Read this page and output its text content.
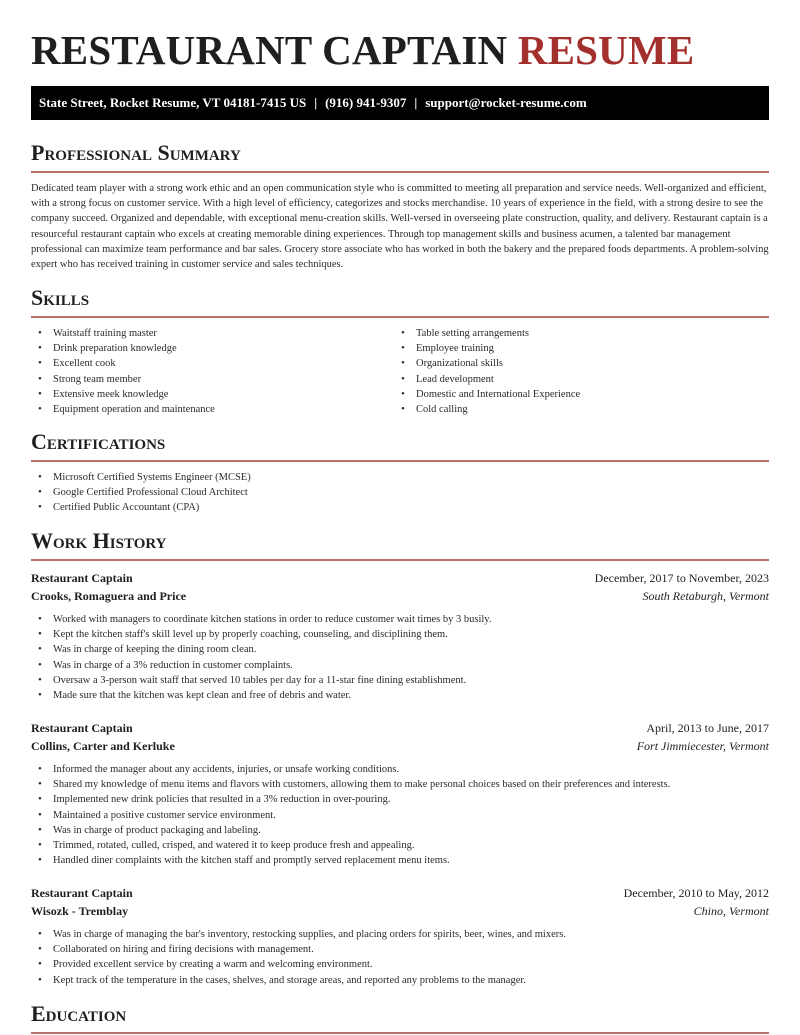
RESTAURANT CAPTAIN RESUME
State Street, Rocket Resume, VT 04181-7415 US | (916) 941-9307 | support@rocket-resume.com
Professional Summary
Dedicated team player with a strong work ethic and an open communication style who is committed to meeting all preparation and service needs. Well-organized and efficient, with a strong focus on customer service. With a high level of efficiency, categorizes and stocks merchandise. 10 years of experience in the field, with a strong desire to see the company succeed. Organized and dependable, with exceptional menu-creation skills. Well-versed in overseeing plate construction, quality, and delivery. Restaurant captain is a resourceful restaurant captain who excels at creating memorable dining experiences. Through top management skills and business acumen, a talented bar management professional can maximize team performance and bar sales. Grocery store associate who has worked in both the bakery and the prepared foods departments. A problem-solving expert who has received training in customer service and sales techniques.
Skills
• Waitstaff training master
• Drink preparation knowledge
• Excellent cook
• Strong team member
• Extensive meek knowledge
• Equipment operation and maintenance
• Table setting arrangements
• Employee training
• Organizational skills
• Lead development
• Domestic and International Experience
• Cold calling
Certifications
• Microsoft Certified Systems Engineer (MCSE)
• Google Certified Professional Cloud Architect
• Certified Public Accountant (CPA)
Work History
Restaurant Captain	December, 2017 to November, 2023
Crooks, Romaguera and Price	South Retaburgh, Vermont
• Worked with managers to coordinate kitchen stations in order to reduce customer wait times by 3 busily.
• Kept the kitchen staff's skill level up by properly coaching, counseling, and disciplining them.
• Was in charge of keeping the dining room clean.
• Was in charge of a 3% reduction in customer complaints.
• Oversaw a 3-person wait staff that served 10 tables per day for a 11-star fine dining establishment.
• Made sure that the kitchen was kept clean and free of debris and water.
Restaurant Captain	April, 2013 to June, 2017
Collins, Carter and Kerluke	Fort Jimmiecester, Vermont
• Informed the manager about any accidents, injuries, or unsafe working conditions.
• Shared my knowledge of menu items and flavors with customers, allowing them to make personal choices based on their preferences and interests.
• Implemented new drink policies that resulted in a 3% reduction in over-pouring.
• Maintained a positive customer service environment.
• Was in charge of product packaging and labeling.
• Trimmed, rotated, culled, crisped, and watered it to keep produce fresh and appealing.
• Handled diner complaints with the kitchen staff and promptly served replacement menu items.
Restaurant Captain	December, 2010 to May, 2012
Wisozk - Tremblay	Chino, Vermont
• Was in charge of managing the bar's inventory, restocking supplies, and placing orders for spirits, beer, wines, and mixers.
• Collaborated on hiring and firing decisions with management.
• Provided excellent service by creating a warm and welcoming environment.
• Kept track of the temperature in the cases, shelves, and storage areas, and reported any problems to the manager.
Education
